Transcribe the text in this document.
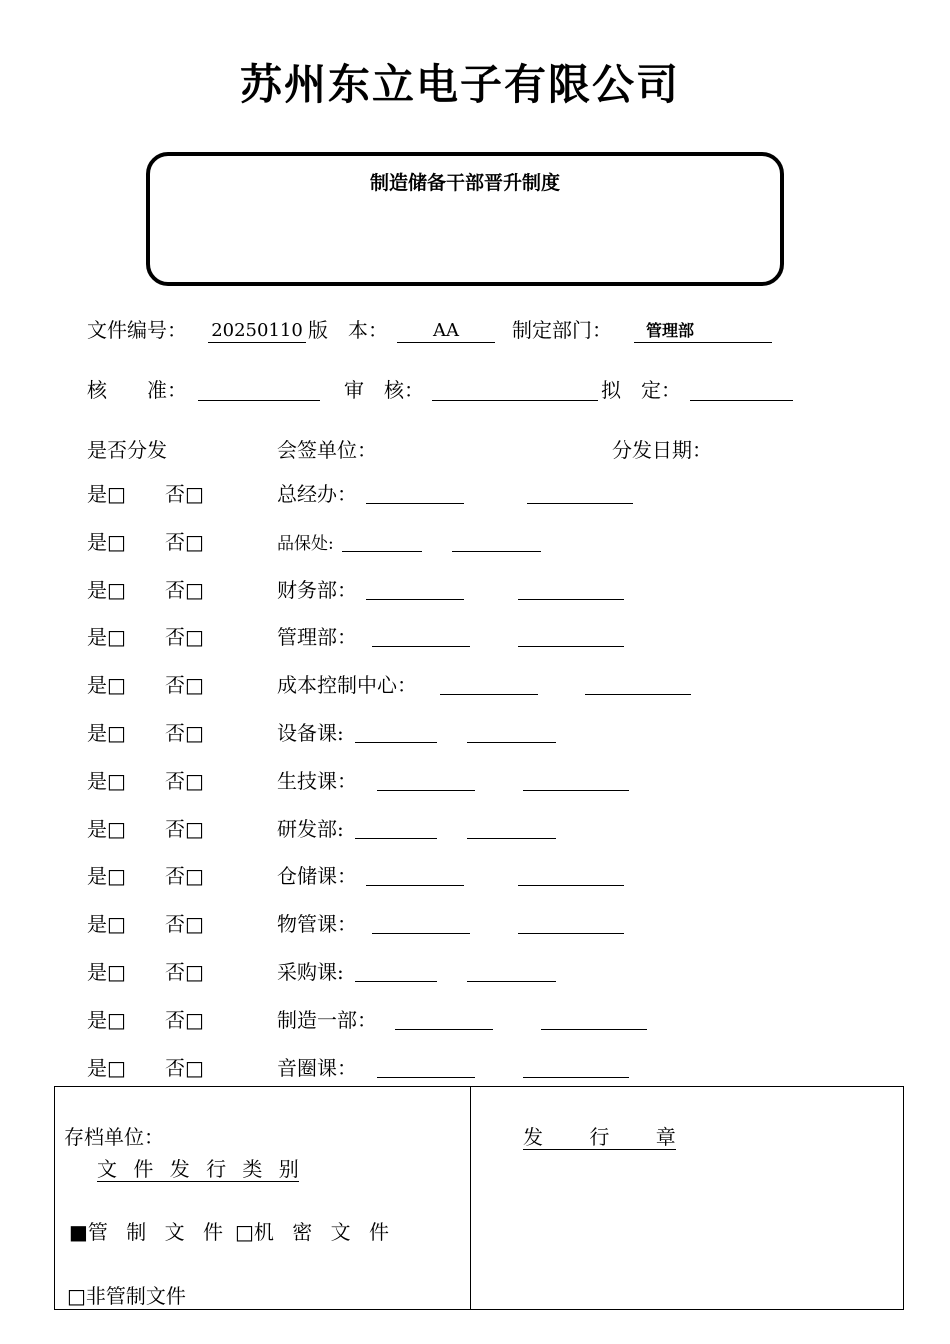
苏州东立电子有限公司
制造储备干部晋升制度
文件编号： 20250110 版　本：	AA	制定部门：	管理部
核　　准：	审　核：	拟　定：
是否分发	会签单位：	分发日期：
是□ 否□	总经办：
是□ 否□	品保处:
是□ 否□	财务部：
是□ 否□	管理部：
是□ 否□	成本控制中心：
是□ 否□	设备课:
是□ 否□	生技课：
是□ 否□	研发部:
是□ 否□	仓储课：
是□ 否□	物管课：
是□ 否□	采购课:
是□ 否□	制造一部：
是□ 否□	音圈课：
存档单位：
文 件 发 行 类 别
■管 制 文 件 □机 密 文 件
□非管制文件
发 行 章
